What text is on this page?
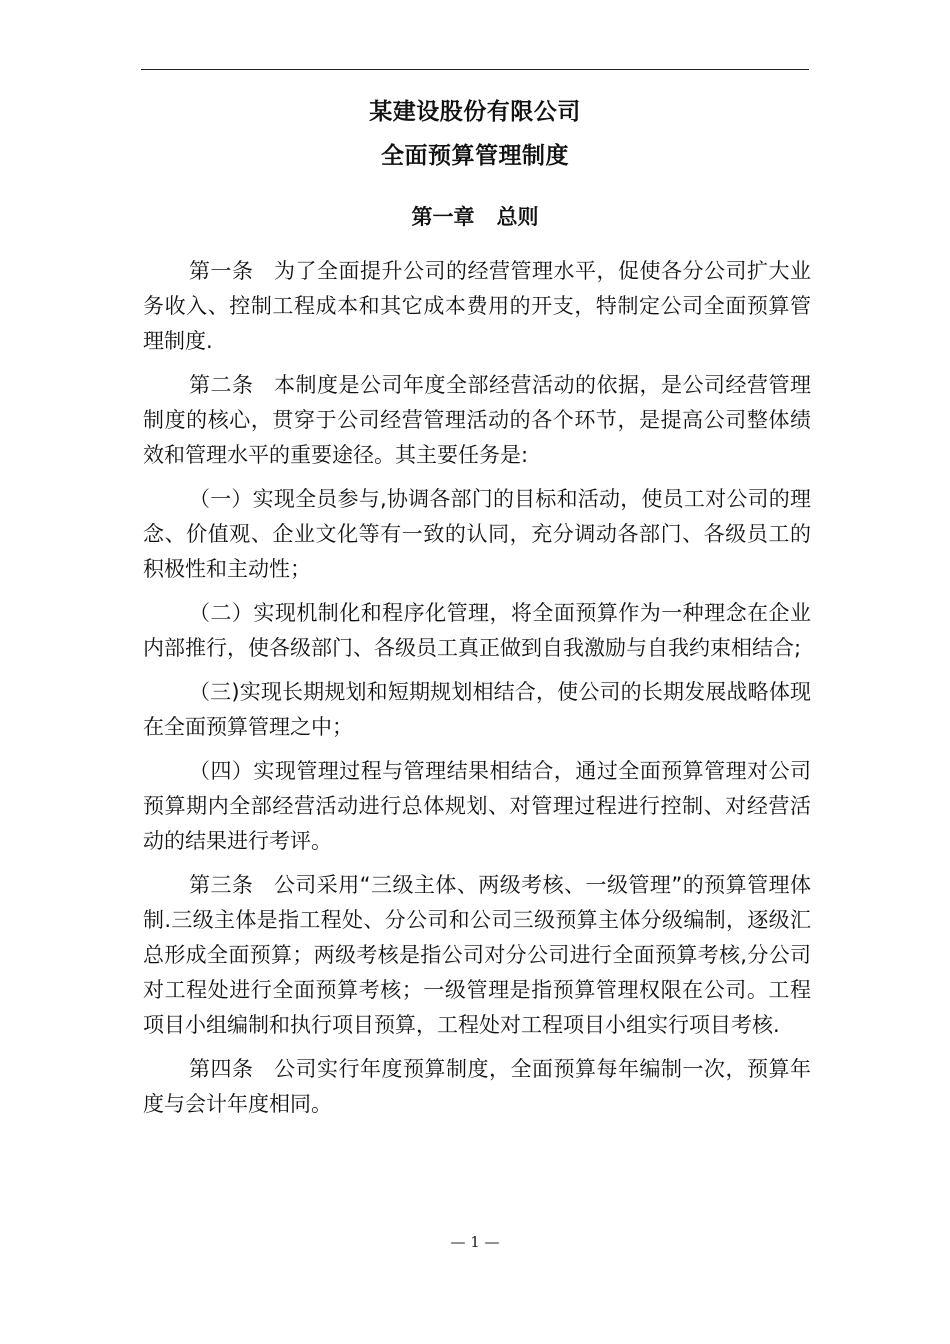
某建设股份有限公司
全面预算管理制度
第一章 总则

第一条 为了全面提升公司的经营管理水平，促使各分公司扩大业务收入、控制工程成本和其它成本费用的开支，特制定公司全面预算管理制度.

第二条 本制度是公司年度全部经营活动的依据，是公司经营管理制度的核心，贯穿于公司经营管理活动的各个环节，是提高公司整体绩效和管理水平的重要途径。其主要任务是:

（一）实现全员参与,协调各部门的目标和活动，使员工对公司的理念、价值观、企业文化等有一致的认同，充分调动各部门、各级员工的积极性和主动性；

（二）实现机制化和程序化管理，将全面预算作为一种理念在企业内部推行，使各级部门、各级员工真正做到自我激励与自我约束相结合;

（三)实现长期规划和短期规划相结合，使公司的长期发展战略体现在全面预算管理之中；

（四）实现管理过程与管理结果相结合，通过全面预算管理对公司预算期内全部经营活动进行总体规划、对管理过程进行控制、对经营活动的结果进行考评。

第三条 公司采用“三级主体、两级考核、一级管理”的预算管理体制.三级主体是指工程处、分公司和公司三级预算主体分级编制，逐级汇总形成全面预算；两级考核是指公司对分公司进行全面预算考核,分公司对工程处进行全面预算考核；一级管理是指预算管理权限在公司。工程项目小组编制和执行项目预算，工程处对工程项目小组实行项目考核.

第四条 公司实行年度预算制度，全面预算每年编制一次，预算年度与会计年度相同。

— 1 —
